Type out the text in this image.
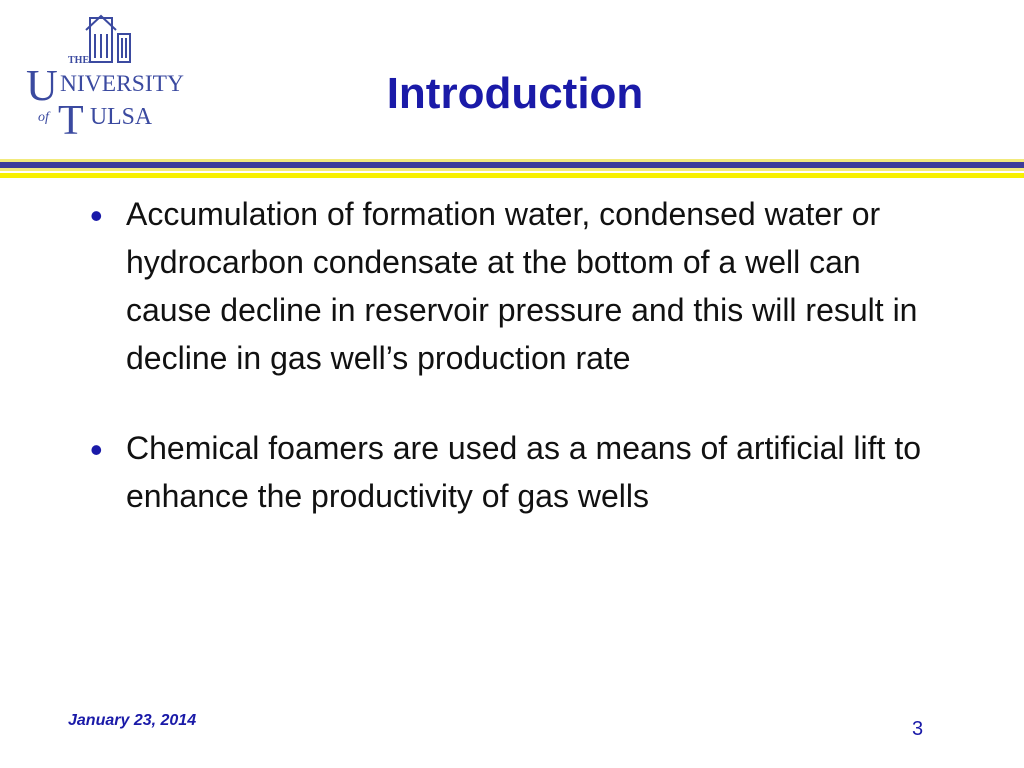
THE
U NIVERSITY
of T ULSA	Introduction
• Accumulation of formation water, condensed water or hydrocarbon condensate at the bottom of a well can cause decline in reservoir pressure and this will result in decline in gas well’s production rate
• Chemical foamers are used as a means of artificial lift to enhance the productivity of gas wells
January 23, 2014	3
